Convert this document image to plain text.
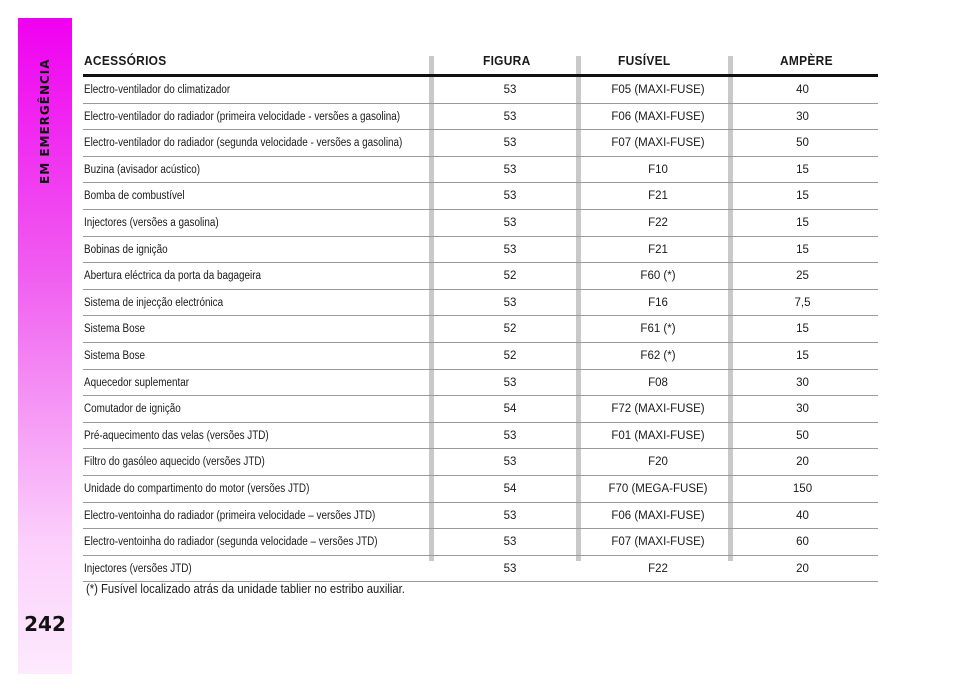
EM EMERGÊNCIA
242
ACESSÓRIOS	FIGURA	FUSÍVEL	AMPÈRE
Electro-ventilador do climatizador	53	F05 (MAXI-FUSE)	40
Electro-ventilador do radiador (primeira velocidade - versões a gasolina)	53	F06 (MAXI-FUSE)	30
Electro-ventilador do radiador (segunda velocidade - versões a gasolina)	53	F07 (MAXI-FUSE)	50
Buzina (avisador acústico)	53	F10	15
Bomba de combustível	53	F21	15
Injectores (versões a gasolina)	53	F22	15
Bobinas de ignição	53	F21	15
Abertura eléctrica da porta da bagageira	52	F60 (*)	25
Sistema de injecção electrónica	53	F16	7,5
Sistema Bose	52	F61 (*)	15
Sistema Bose	52	F62 (*)	15
Aquecedor suplementar	53	F08	30
Comutador de ignição	54	F72 (MAXI-FUSE)	30
Pré-aquecimento das velas (versões JTD)	53	F01 (MAXI-FUSE)	50
Filtro do gasóleo aquecido (versões JTD)	53	F20	20
Unidade do compartimento do motor (versões JTD)	54	F70 (MEGA-FUSE)	150
Electro-ventoinha do radiador (primeira velocidade – versões JTD)	53	F06 (MAXI-FUSE)	40
Electro-ventoinha do radiador (segunda velocidade – versões JTD)	53	F07 (MAXI-FUSE)	60
Injectores (versões JTD)	53	F22	20
(*) Fusível localizado atrás da unidade tablier no estribo auxiliar.
